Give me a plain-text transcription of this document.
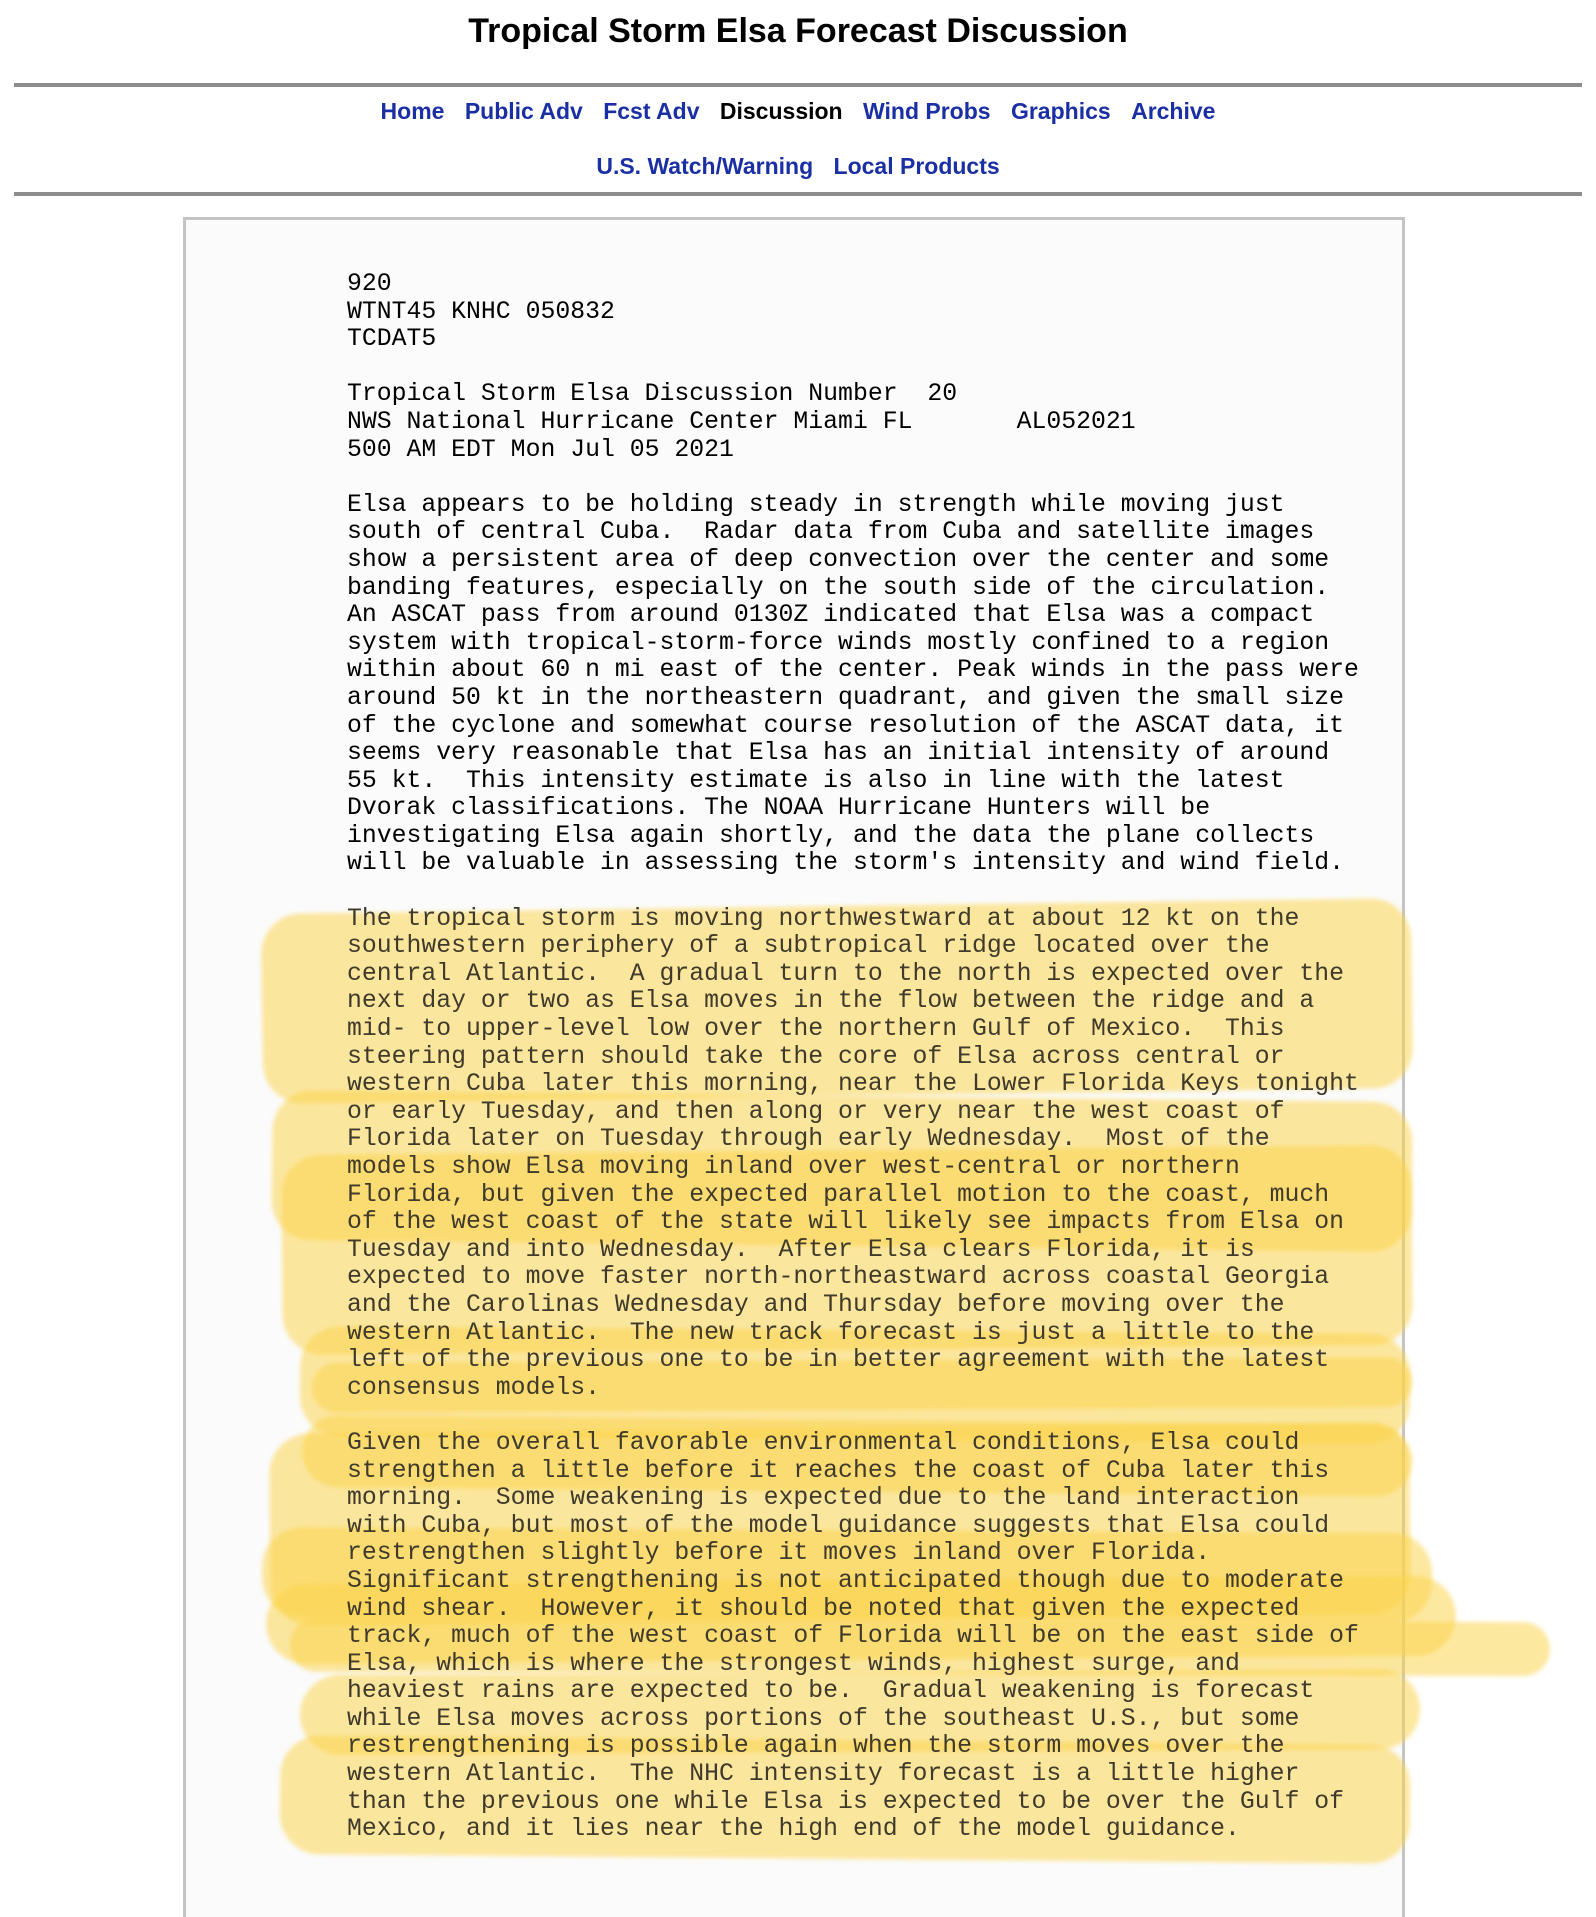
Tropical Storm Elsa Forecast Discussion
Home Public Adv Fcst Adv Discussion Wind Probs Graphics Archive
U.S. Watch/Warning Local Products
920
WTNT45 KNHC 050832
TCDAT5
Tropical Storm Elsa Discussion Number  20
NWS National Hurricane Center Miami FL       AL052021
500 AM EDT Mon Jul 05 2021
Elsa appears to be holding steady in strength while moving just
south of central Cuba.  Radar data from Cuba and satellite images
show a persistent area of deep convection over the center and some
banding features, especially on the south side of the circulation.
An ASCAT pass from around 0130Z indicated that Elsa was a compact
system with tropical-storm-force winds mostly confined to a region
within about 60 n mi east of the center. Peak winds in the pass were
around 50 kt in the northeastern quadrant, and given the small size
of the cyclone and somewhat course resolution of the ASCAT data, it
seems very reasonable that Elsa has an initial intensity of around
55 kt.  This intensity estimate is also in line with the latest
Dvorak classifications. The NOAA Hurricane Hunters will be
investigating Elsa again shortly, and the data the plane collects
will be valuable in assessing the storm's intensity and wind field.
The tropical storm is moving northwestward at about 12 kt on the
southwestern periphery of a subtropical ridge located over the
central Atlantic.  A gradual turn to the north is expected over the
next day or two as Elsa moves in the flow between the ridge and a
mid- to upper-level low over the northern Gulf of Mexico.  This
steering pattern should take the core of Elsa across central or
western Cuba later this morning, near the Lower Florida Keys tonight
or early Tuesday, and then along or very near the west coast of
Florida later on Tuesday through early Wednesday.  Most of the
models show Elsa moving inland over west-central or northern
Florida, but given the expected parallel motion to the coast, much
of the west coast of the state will likely see impacts from Elsa on
Tuesday and into Wednesday.  After Elsa clears Florida, it is
expected to move faster north-northeastward across coastal Georgia
and the Carolinas Wednesday and Thursday before moving over the
western Atlantic.  The new track forecast is just a little to the
left of the previous one to be in better agreement with the latest
consensus models.
Given the overall favorable environmental conditions, Elsa could
strengthen a little before it reaches the coast of Cuba later this
morning.  Some weakening is expected due to the land interaction
with Cuba, but most of the model guidance suggests that Elsa could
restrengthen slightly before it moves inland over Florida.
Significant strengthening is not anticipated though due to moderate
wind shear.  However, it should be noted that given the expected
track, much of the west coast of Florida will be on the east side of
Elsa, which is where the strongest winds, highest surge, and
heaviest rains are expected to be.  Gradual weakening is forecast
while Elsa moves across portions of the southeast U.S., but some
restrengthening is possible again when the storm moves over the
western Atlantic.  The NHC intensity forecast is a little higher
than the previous one while Elsa is expected to be over the Gulf of
Mexico, and it lies near the high end of the model guidance.
